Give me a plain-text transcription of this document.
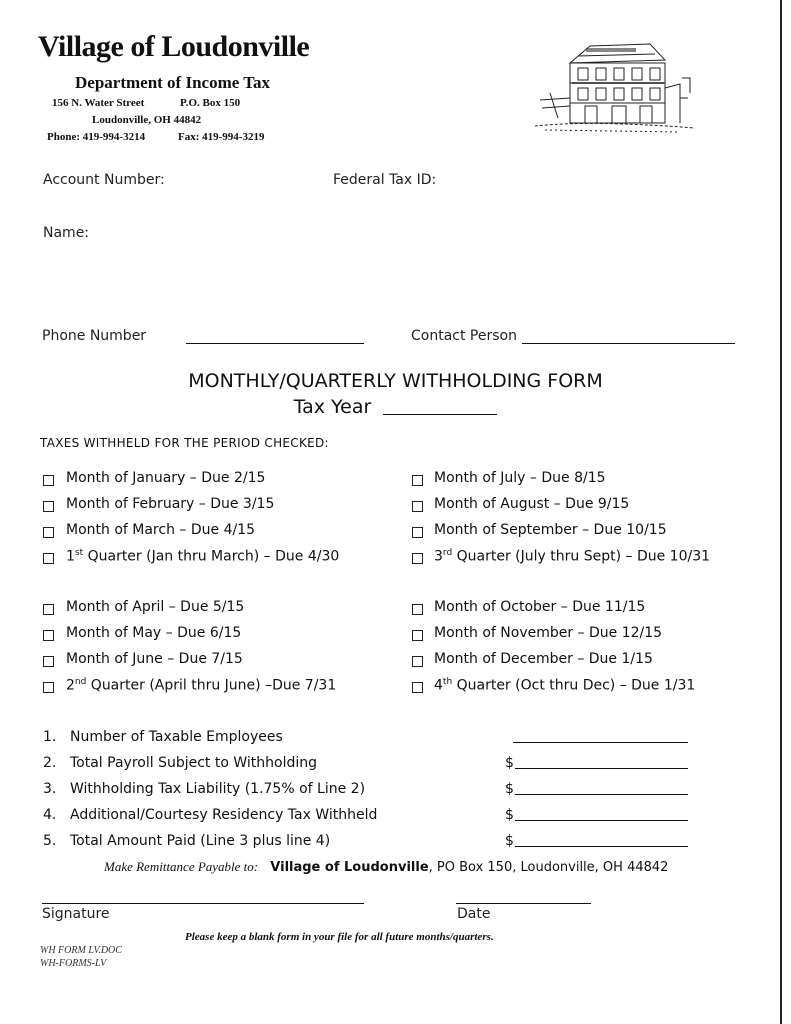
Village of Loudonville
Department of Income Tax
156 N. Water Street	P.O. Box 150
Loudonville, OH 44842
Phone: 419-994-3214	Fax: 419-994-3219
Account Number:	Federal Tax ID:
Name:
Phone Number	Contact Person
MONTHLY/QUARTERLY WITHHOLDING FORM
Tax Year
TAXES WITHHELD FOR THE PERIOD CHECKED:
Month of January – Due 2/15
Month of February – Due 3/15
Month of March – Due 4/15
1st Quarter (Jan thru March) – Due 4/30
Month of April – Due 5/15
Month of May – Due 6/15
Month of June – Due 7/15
2nd Quarter (April thru June) –Due 7/31
Month of July – Due 8/15
Month of August – Due 9/15
Month of September – Due 10/15
3rd Quarter (July thru Sept) – Due 10/31
Month of October – Due 11/15
Month of November – Due 12/15
Month of December – Due 1/15
4th Quarter (Oct thru Dec) – Due 1/31
1. Number of Taxable Employees
2. Total Payroll Subject to Withholding	$
3. Withholding Tax Liability (1.75% of Line 2)	$
4. Additional/Courtesy Residency Tax Withheld	$
5. Total Amount Paid (Line 3 plus line 4)	$
Make Remittance Payable to: Village of Loudonville, PO Box 150, Loudonville, OH 44842
Signature	Date
Please keep a blank form in your file for all future months/quarters.
WH FORM LV.DOC
WH-FORMS-LV
